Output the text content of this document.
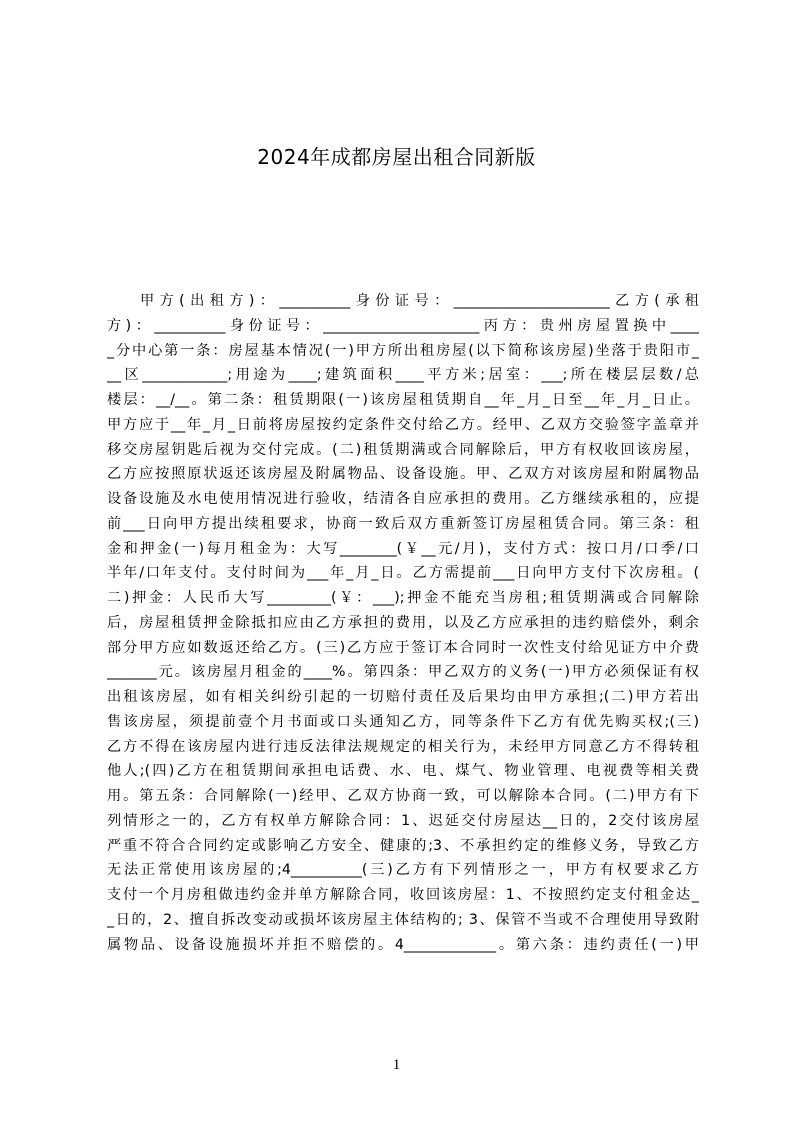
2024年成都房屋出租合同新版
甲方(出租方)：__________身份证号：______________________乙方(承租
方)：__________身份证号：______________________丙方：贵州房屋置换中____
_分中心第一条：房屋基本情况(一)甲方所出租房屋(以下简称该房屋)坐落于贵阳市_
__区____________;用途为____;建筑面积____平方米;居室：___;所在楼层层数/总
楼层：__/__。第二条：租赁期限(一)该房屋租赁期自__年_月_日至__年_月_日止。
甲方应于__年_月_日前将房屋按约定条件交付给乙方。经甲、乙双方交验签字盖章并
移交房屋钥匙后视为交付完成。(二)租赁期满或合同解除后，甲方有权收回该房屋，
乙方应按照原状返还该房屋及附属物品、设备设施。甲、乙双方对该房屋和附属物品
设备设施及水电使用情况进行验收，结清各自应承担的费用。乙方继续承租的，应提
前___日向甲方提出续租要求，协商一致后双方重新签订房屋租赁合同。第三条：租
金和押金(一)每月租金为：大写________(￥__元/月)，支付方式：按口月/口季/口
半年/口年支付。支付时间为___年_月_日。乙方需提前___日向甲方支付下次房租。(
二)押金：人民币大写_________(￥：___);押金不能充当房租;租赁期满或合同解除
后，房屋租赁押金除抵扣应由乙方承担的费用，以及乙方应承担的违约赔偿外，剩余
部分甲方应如数返还给乙方。(三)乙方应于签订本合同时一次性支付给见证方中介费
_______元。该房屋月租金的____%。第四条：甲乙双方的义务(一)甲方必须保证有权
出租该房屋，如有相关纠纷引起的一切赔付责任及后果均由甲方承担;(二)甲方若出
售该房屋，须提前壹个月书面或口头通知乙方，同等条件下乙方有优先购买权;(三)
乙方不得在该房屋内进行违反法律法规规定的相关行为，未经甲方同意乙方不得转租
他人;(四)乙方在租赁期间承担电话费、水、电、煤气、物业管理、电视费等相关费
用。第五条：合同解除(一)经甲、乙双方协商一致，可以解除本合同。(二)甲方有下
列情形之一的，乙方有权单方解除合同：1、迟延交付房屋达__日的，2交付该房屋
严重不符合合同约定或影响乙方安全、健康的;3、不承担约定的维修义务，导致乙方
无法正常使用该房屋的;4__________(三)乙方有下列情形之一，甲方有权要求乙方
支付一个月房租做违约金并单方解除合同，收回该房屋：1、不按照约定支付租金达_
_日的，2、擅自拆改变动或损坏该房屋主体结构的; 3、保管不当或不合理使用导致附
属物品、设备设施损坏并拒不赔偿的。4_____________。第六条：违约责任(一)甲
1
